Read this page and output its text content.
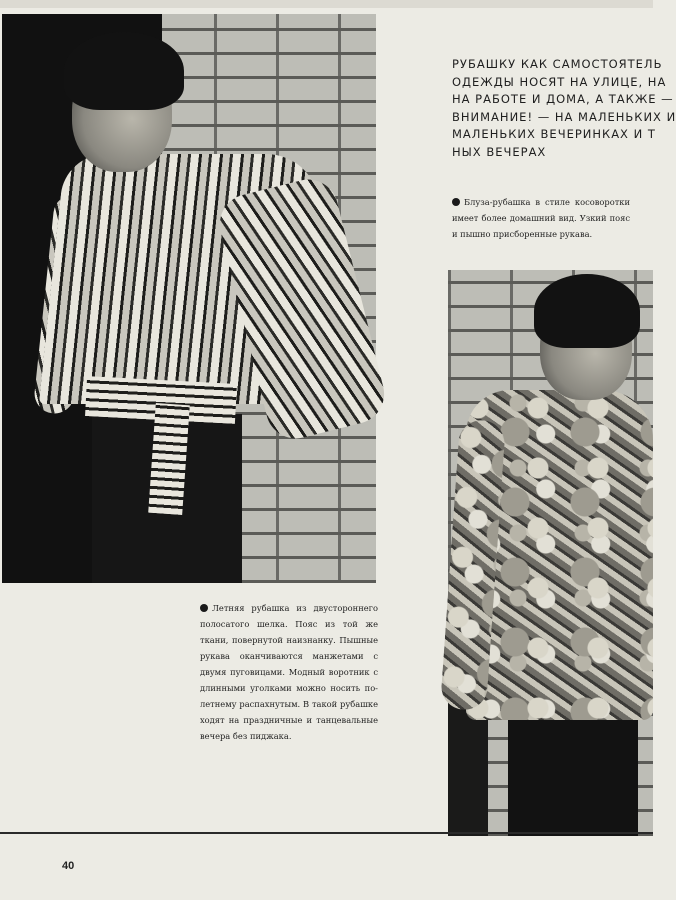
РУБАШКУ КАК САМОСТОЯТЕЛЬ
ОДЕЖДЫ НОСЯТ НА УЛИЦЕ, НА
НА РАБОТЕ И ДОМА, А ТАКЖЕ —
ВНИМАНИЕ! — НА МАЛЕНЬКИХ И
МАЛЕНЬКИХ ВЕЧЕРИНКАХ И Т
НЫХ ВЕЧЕРАХ

Блуза-рубашка в стиле косоворотки имеет более домашний вид. Узкий пояс и пышно присборенные рукава.

Летняя рубашка из двустороннего полосатого шелка. Пояс из той же ткани, повернутой наизнанку. Пышные рукава оканчиваются манжетами с двумя пуговицами. Модный воротник с длинными уголками можно носить по-летнему распахнутым. В такой рубашке ходят на праздничные и танцевальные вечера без пиджака.

40
